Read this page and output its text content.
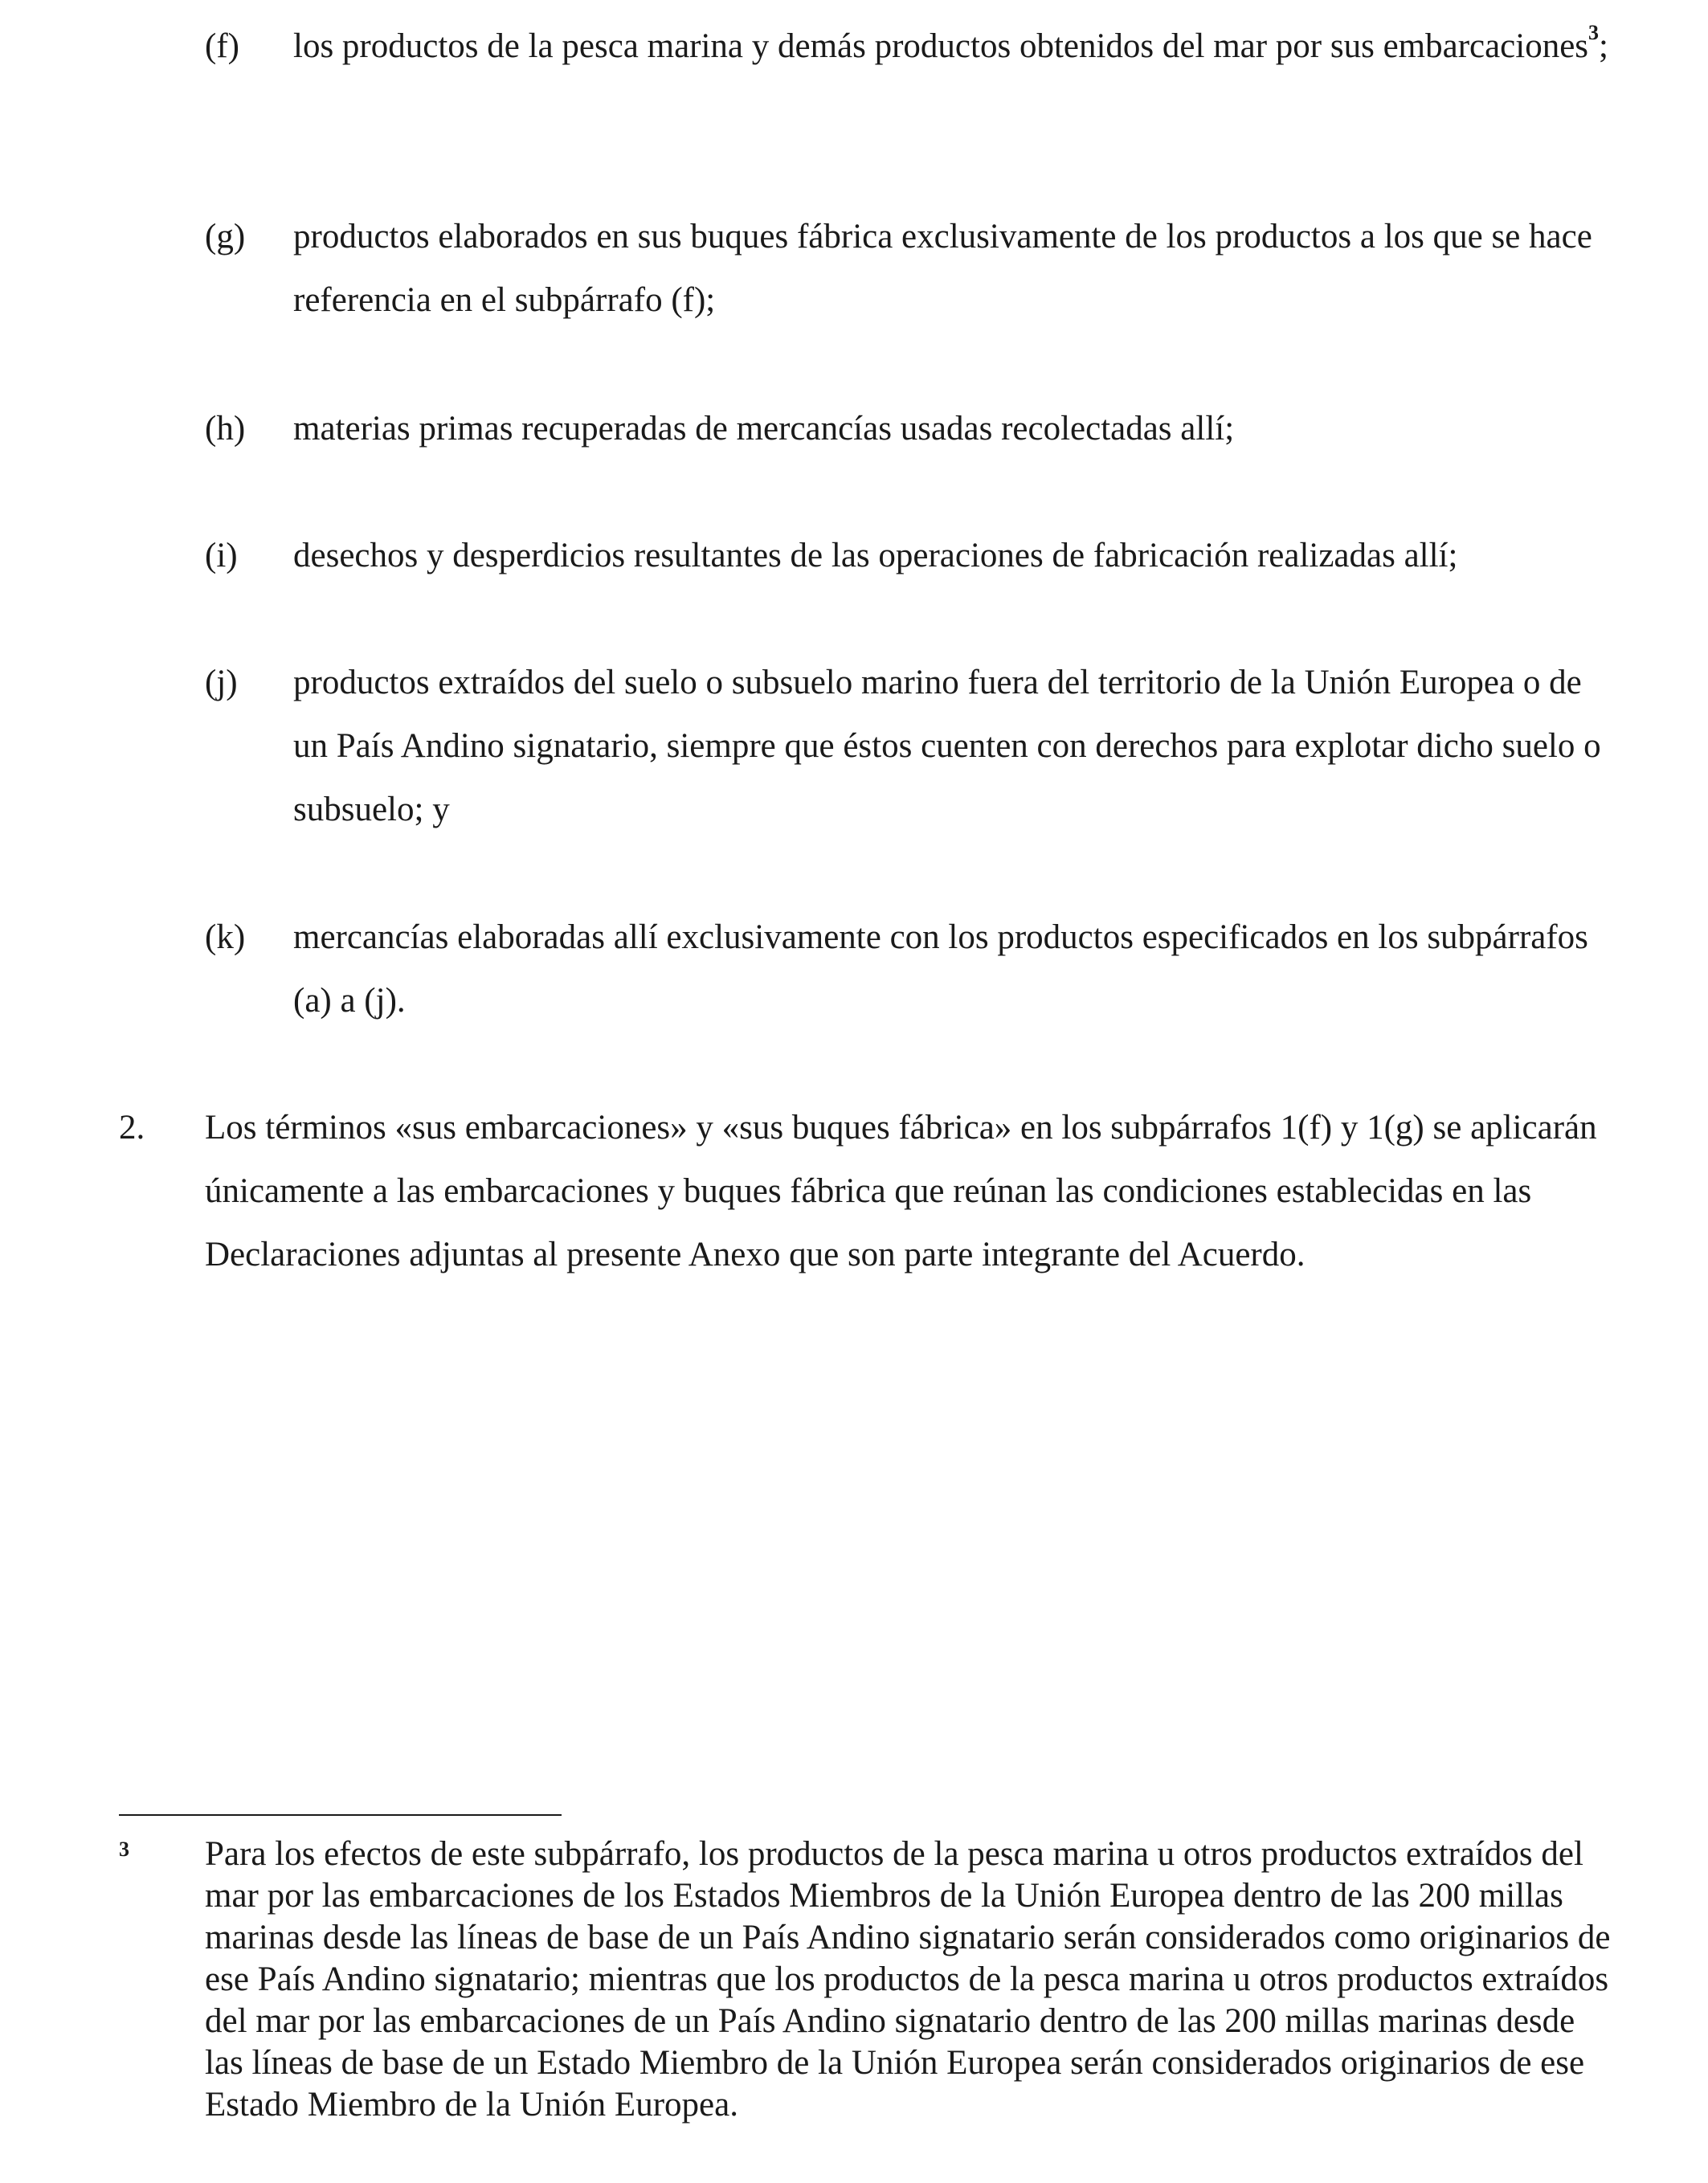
(f) los productos de la pesca marina y demás productos obtenidos del mar por sus embarcaciones$^3$;
(g) productos elaborados en sus buques fábrica exclusivamente de los productos a los que se hace referencia en el subpárrafo (f);
(h) materias primas recuperadas de mercancías usadas recolectadas allí;
(i) desechos y desperdicios resultantes de las operaciones de fabricación realizadas allí;
(j) productos extraídos del suelo o subsuelo marino fuera del territorio de la Unión Europea o de un País Andino signatario, siempre que éstos cuenten con derechos para explotar dicho suelo o subsuelo; y
(k) mercancías elaboradas allí exclusivamente con los productos especificados en los subpárrafos (a) a (j).
2. Los términos «sus embarcaciones» y «sus buques fábrica» en los subpárrafos 1(f) y 1(g) se aplicarán únicamente a las embarcaciones y buques fábrica que reúnan las condiciones establecidas en las Declaraciones adjuntas al presente Anexo que son parte integrante del Acuerdo.
3 Para los efectos de este subpárrafo, los productos de la pesca marina u otros productos extraídos del mar por las embarcaciones de los Estados Miembros de la Unión Europea dentro de las 200 millas marinas desde las líneas de base de un País Andino signatario serán considerados como originarios de ese País Andino signatario; mientras que los productos de la pesca marina u otros productos extraídos del mar por las embarcaciones de un País Andino signatario dentro de las 200 millas marinas desde las líneas de base de un Estado Miembro de la Unión Europea serán considerados originarios de ese Estado Miembro de la Unión Europea.
